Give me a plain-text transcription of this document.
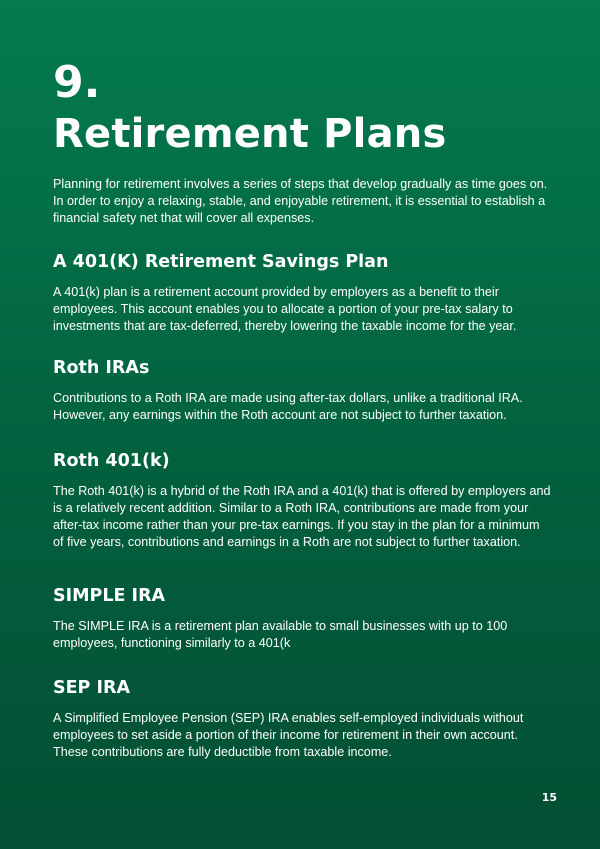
9.
Retirement Plans

Planning for retirement involves a series of steps that develop gradually as time goes on. In order to enjoy a relaxing, stable, and enjoyable retirement, it is essential to establish a financial safety net that will cover all expenses.

A 401(K) Retirement Savings Plan

A 401(k) plan is a retirement account provided by employers as a benefit to their employees. This account enables you to allocate a portion of your pre-tax salary to investments that are tax-deferred, thereby lowering the taxable income for the year.

Roth IRAs

Contributions to a Roth IRA are made using after-tax dollars, unlike a traditional IRA. However, any earnings within the Roth account are not subject to further taxation.

Roth 401(k)

The Roth 401(k) is a hybrid of the Roth IRA and a 401(k) that is offered by employers and is a relatively recent addition. Similar to a Roth IRA, contributions are made from your after-tax income rather than your pre-tax earnings. If you stay in the plan for a minimum of five years, contributions and earnings in a Roth are not subject to further taxation.

SIMPLE IRA

The SIMPLE IRA is a retirement plan available to small businesses with up to 100 employees, functioning similarly to a 401(k

SEP IRA

A Simplified Employee Pension (SEP) IRA enables self-employed individuals without employees to set aside a portion of their income for retirement in their own account. These contributions are fully deductible from taxable income.

15
